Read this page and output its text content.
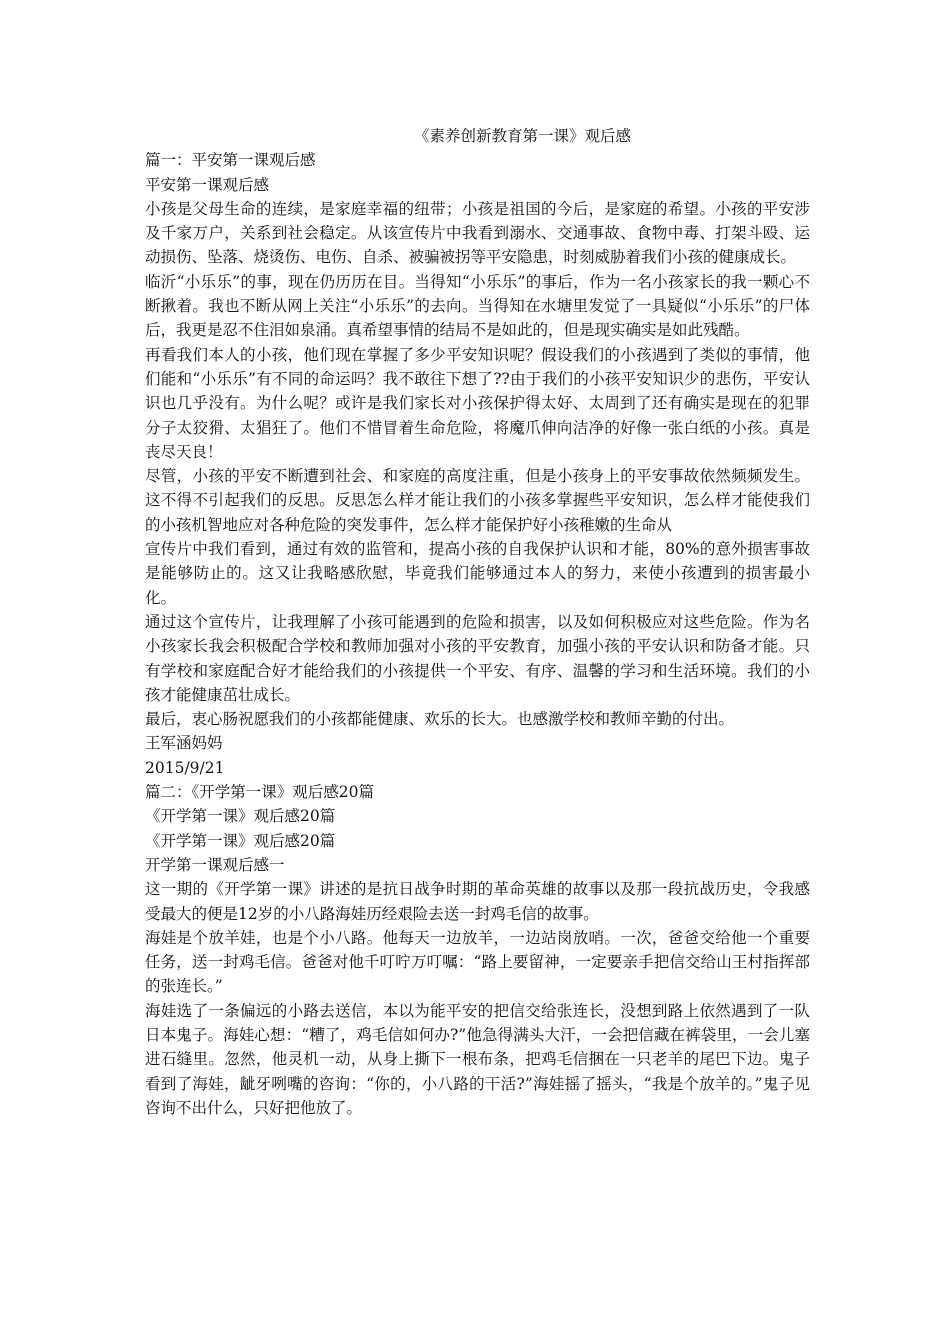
《素养创新教育第一课》观后感

篇一：平安第一课观后感

平安第一课观后感

小孩是父母生命的连续，是家庭幸福的纽带；小孩是祖国的今后，是家庭的希望。小孩的平安涉及千家万户，关系到社会稳定。从该宣传片中我看到溺水、交通事故、食物中毒、打架斗殴、运动损伤、坠落、烧烫伤、电伤、自杀、被骗被拐等平安隐患，时刻威胁着我们小孩的健康成长。

临沂“小乐乐”的事，现在仍历历在目。当得知“小乐乐”的事后，作为一名小孩家长的我一颗心不断揪着。我也不断从网上关注“小乐乐”的去向。当得知在水塘里发觉了一具疑似“小乐乐”的尸体后，我更是忍不住泪如泉涌。真希望事情的结局不是如此的，但是现实确实是如此残酷。

再看我们本人的小孩，他们现在掌握了多少平安知识呢？假设我们的小孩遇到了类似的事情，他们能和“小乐乐”有不同的命运吗？我不敢往下想了??由于我们的小孩平安知识少的悲伤，平安认识也几乎没有。为什么呢？或许是我们家长对小孩保护得太好、太周到了还有确实是现在的犯罪分子太狡猾、太猖狂了。他们不惜冒着生命危险，将魔爪伸向洁净的好像一张白纸的小孩。真是丧尽天良！

尽管，小孩的平安不断遭到社会、和家庭的高度注重，但是小孩身上的平安事故依然频频发生。这不得不引起我们的反思。反思怎么样才能让我们的小孩多掌握些平安知识，怎么样才能使我们的小孩机智地应对各种危险的突发事件，怎么样才能保护好小孩稚嫩的生命从

宣传片中我们看到，通过有效的监管和，提高小孩的自我保护认识和才能，80%的意外损害事故是能够防止的。这又让我略感欣慰，毕竟我们能够通过本人的努力，来使小孩遭到的损害最小化。

通过这个宣传片，让我理解了小孩可能遇到的危险和损害，以及如何积极应对这些危险。作为名小孩家长我会积极配合学校和教师加强对小孩的平安教育，加强小孩的平安认识和防备才能。只有学校和家庭配合好才能给我们的小孩提供一个平安、有序、温馨的学习和生活环境。我们的小孩才能健康茁壮成长。

最后，衷心肠祝愿我们的小孩都能健康、欢乐的长大。也感激学校和教师辛勤的付出。

王军涵妈妈

2015/9/21

篇二：《开学第一课》观后感20篇

《开学第一课》观后感20篇

《开学第一课》观后感20篇

开学第一课观后感一

这一期的《开学第一课》讲述的是抗日战争时期的革命英雄的故事以及那一段抗战历史，令我感受最大的便是12岁的小八路海娃历经艰险去送一封鸡毛信的故事。

海娃是个放羊娃，也是个小八路。他每天一边放羊，一边站岗放哨。一次，爸爸交给他一个重要任务，送一封鸡毛信。爸爸对他千叮咛万叮嘱：“路上要留神，一定要亲手把信交给山王村指挥部的张连长。”

海娃选了一条偏远的小路去送信，本以为能平安的把信交给张连长，没想到路上依然遇到了一队日本鬼子。海娃心想：“糟了，鸡毛信如何办?”他急得满头大汗，一会把信藏在裤袋里，一会儿塞进石缝里。忽然，他灵机一动，从身上撕下一根布条，把鸡毛信捆在一只老羊的尾巴下边。鬼子看到了海娃，龇牙咧嘴的咨询：“你的，小八路的干活?”海娃摇了摇头，“我是个放羊的。”鬼子见咨询不出什么，只好把他放了。
